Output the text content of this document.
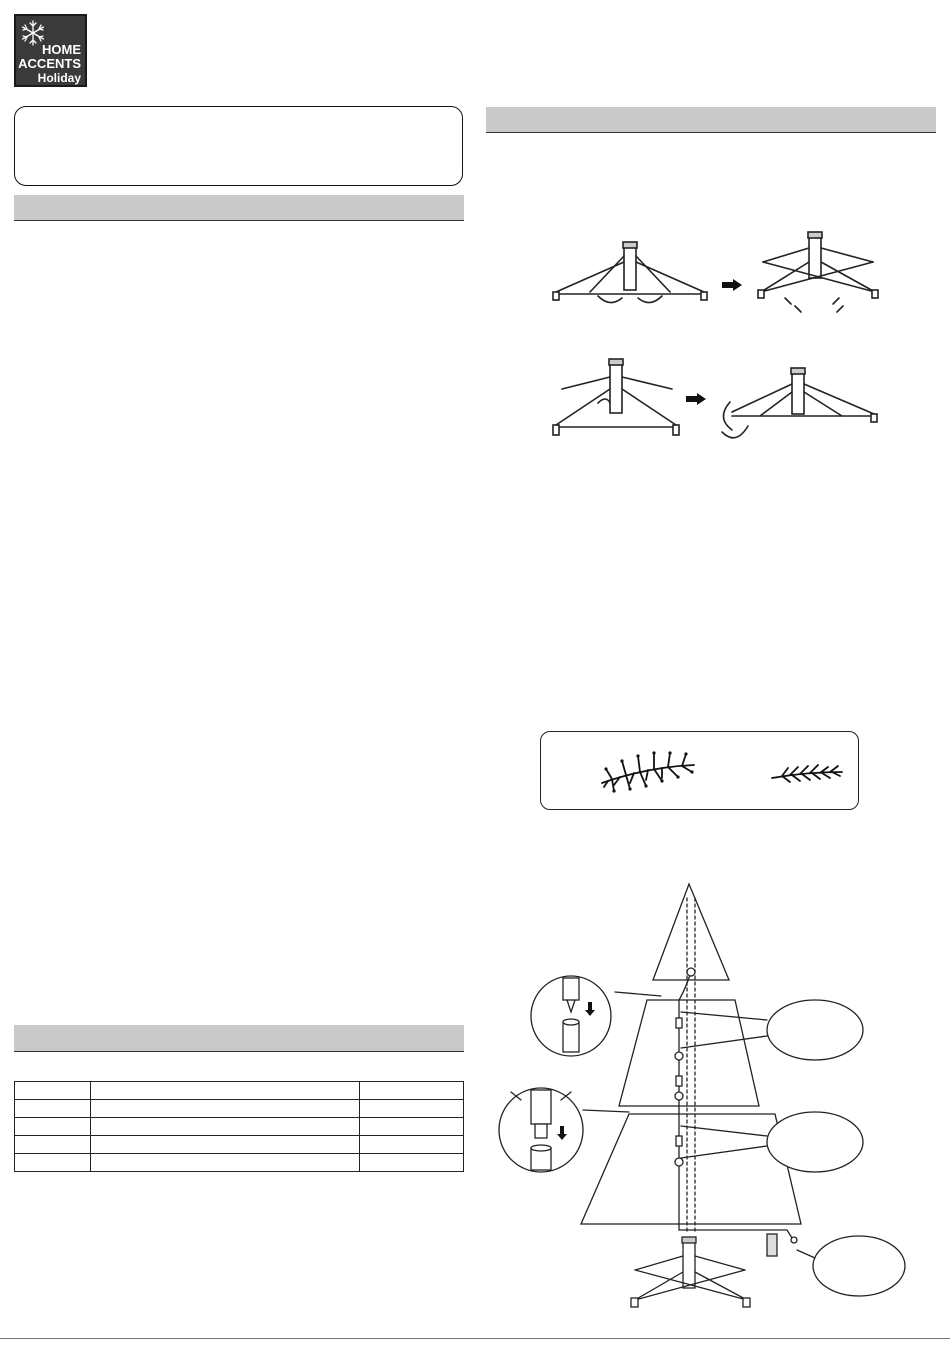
HOME
ACCENTS
Holiday
